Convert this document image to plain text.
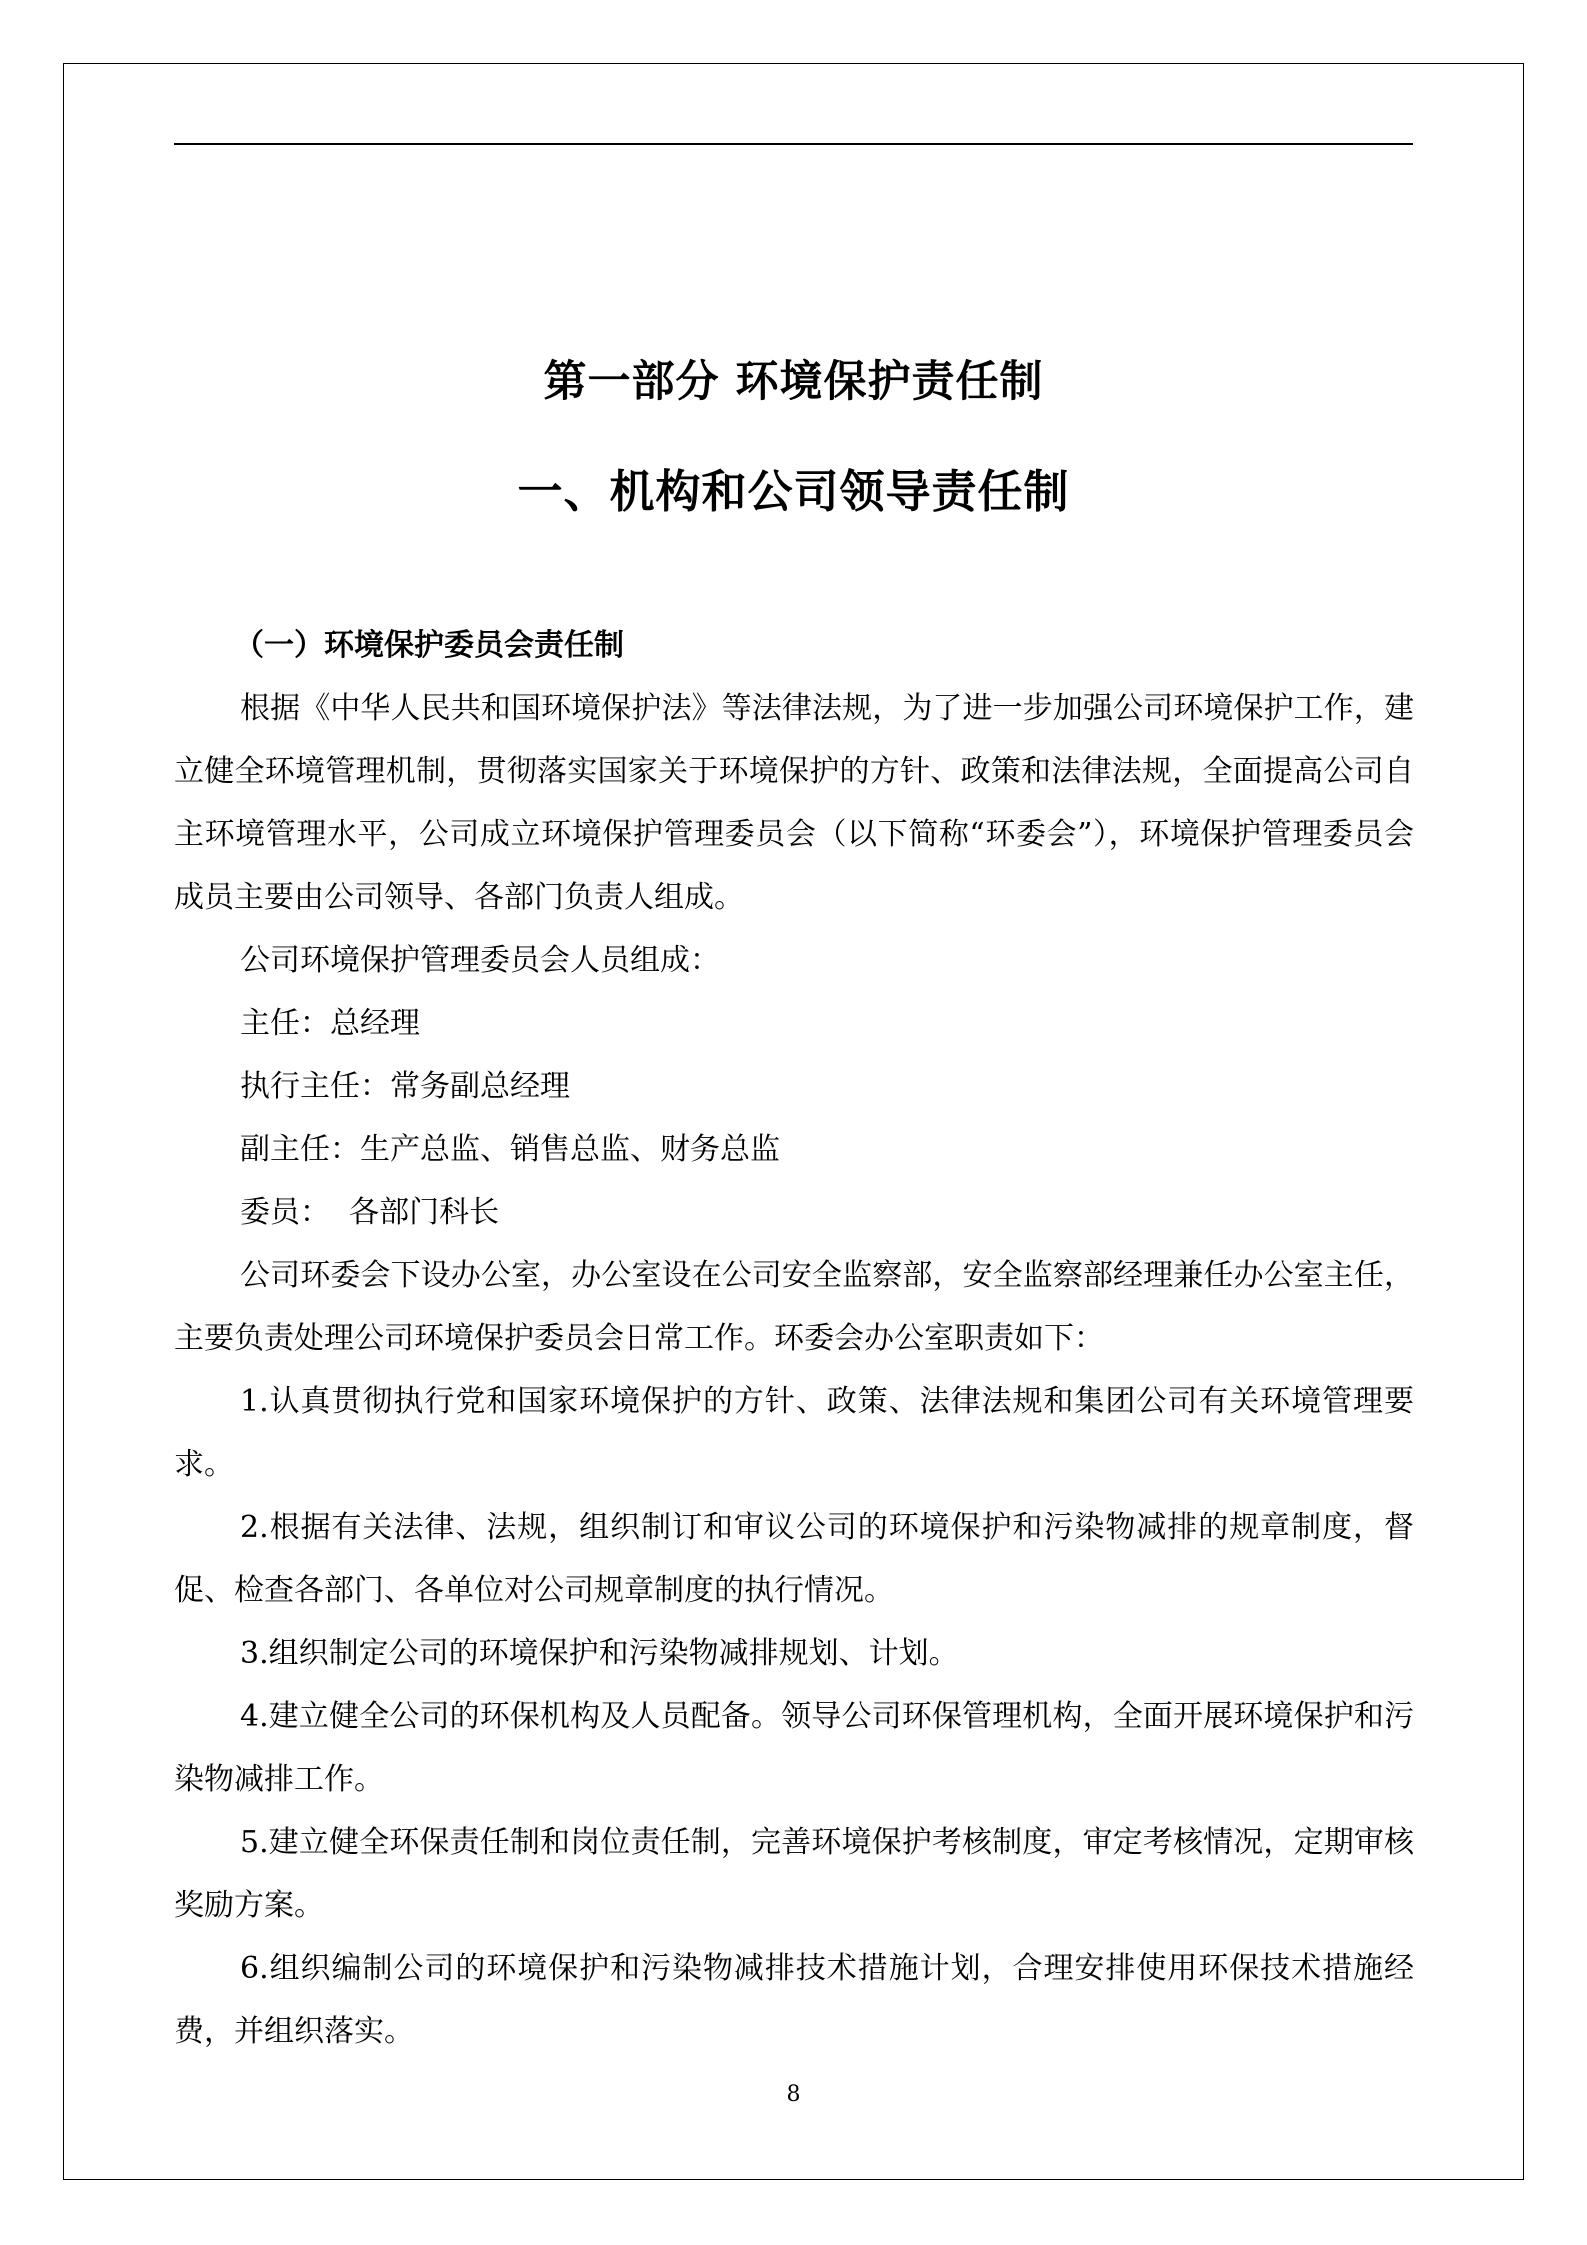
第一部分 环境保护责任制
一、机构和公司领导责任制

（一）环境保护委员会责任制

根据《中华人民共和国环境保护法》等法律法规，为了进一步加强公司环境保护工作，建立健全环境管理机制，贯彻落实国家关于环境保护的方针、政策和法律法规，全面提高公司自主环境管理水平，公司成立环境保护管理委员会（以下简称“环委会”），环境保护管理委员会成员主要由公司领导、各部门负责人组成。

公司环境保护管理委员会人员组成：

主任：总经理

执行主任：常务副总经理

副主任：生产总监、销售总监、财务总监

委员：  各部门科长

公司环委会下设办公室，办公室设在公司安全监察部，安全监察部经理兼任办公室主任，主要负责处理公司环境保护委员会日常工作。环委会办公室职责如下：

1.认真贯彻执行党和国家环境保护的方针、政策、法律法规和集团公司有关环境管理要求。

2.根据有关法律、法规，组织制订和审议公司的环境保护和污染物减排的规章制度，督促、检查各部门、各单位对公司规章制度的执行情况。

3.组织制定公司的环境保护和污染物减排规划、计划。

4.建立健全公司的环保机构及人员配备。领导公司环保管理机构，全面开展环境保护和污染物减排工作。

5.建立健全环保责任制和岗位责任制，完善环境保护考核制度，审定考核情况，定期审核奖励方案。

6.组织编制公司的环境保护和污染物减排技术措施计划，合理安排使用环保技术措施经费，并组织落实。

8
